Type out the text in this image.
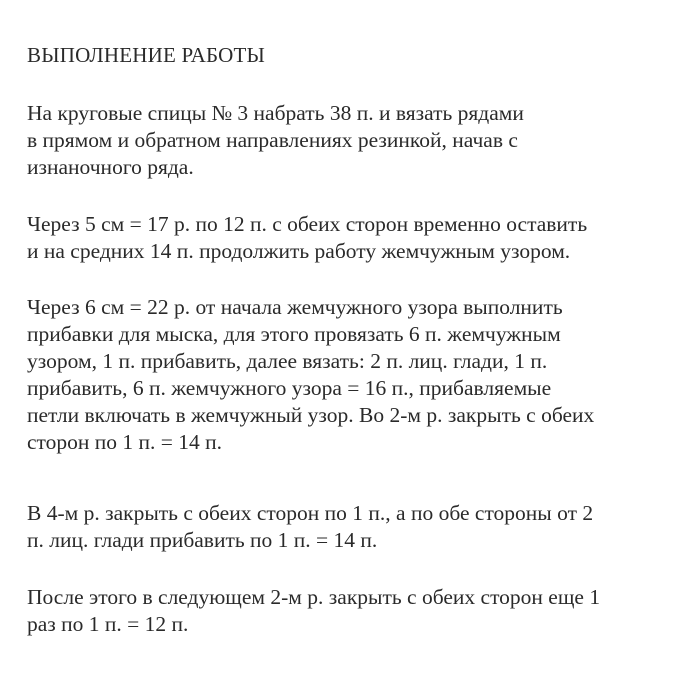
ВЫПОЛНЕНИЕ РАБОТЫ

На круговые спицы № 3 набрать 38 п. и вязать рядами
в прямом и обратном направлениях резинкой, начав с
изнаночного ряда.

Через 5 см = 17 р. по 12 п. с обеих сторон временно оставить
и на средних 14 п. продолжить работу жемчужным узором.

Через 6 см = 22 р. от начала жемчужного узора выполнить
прибавки для мыска, для этого провязать 6 п. жемчужным
узором, 1 п. прибавить, далее вязать: 2 п. лиц. глади, 1 п.
прибавить, 6 п. жемчужного узора = 16 п., прибавляемые
петли включать в жемчужный узор. Во 2-м р. закрыть с обеих
сторон по 1 п. = 14 п.

В 4-м р. закрыть с обеих сторон по 1 п., а по обе стороны от 2
п. лиц. глади прибавить по 1 п. = 14 п.

После этого в следующем 2-м р. закрыть с обеих сторон еще 1
раз по 1 п. = 12 п.
